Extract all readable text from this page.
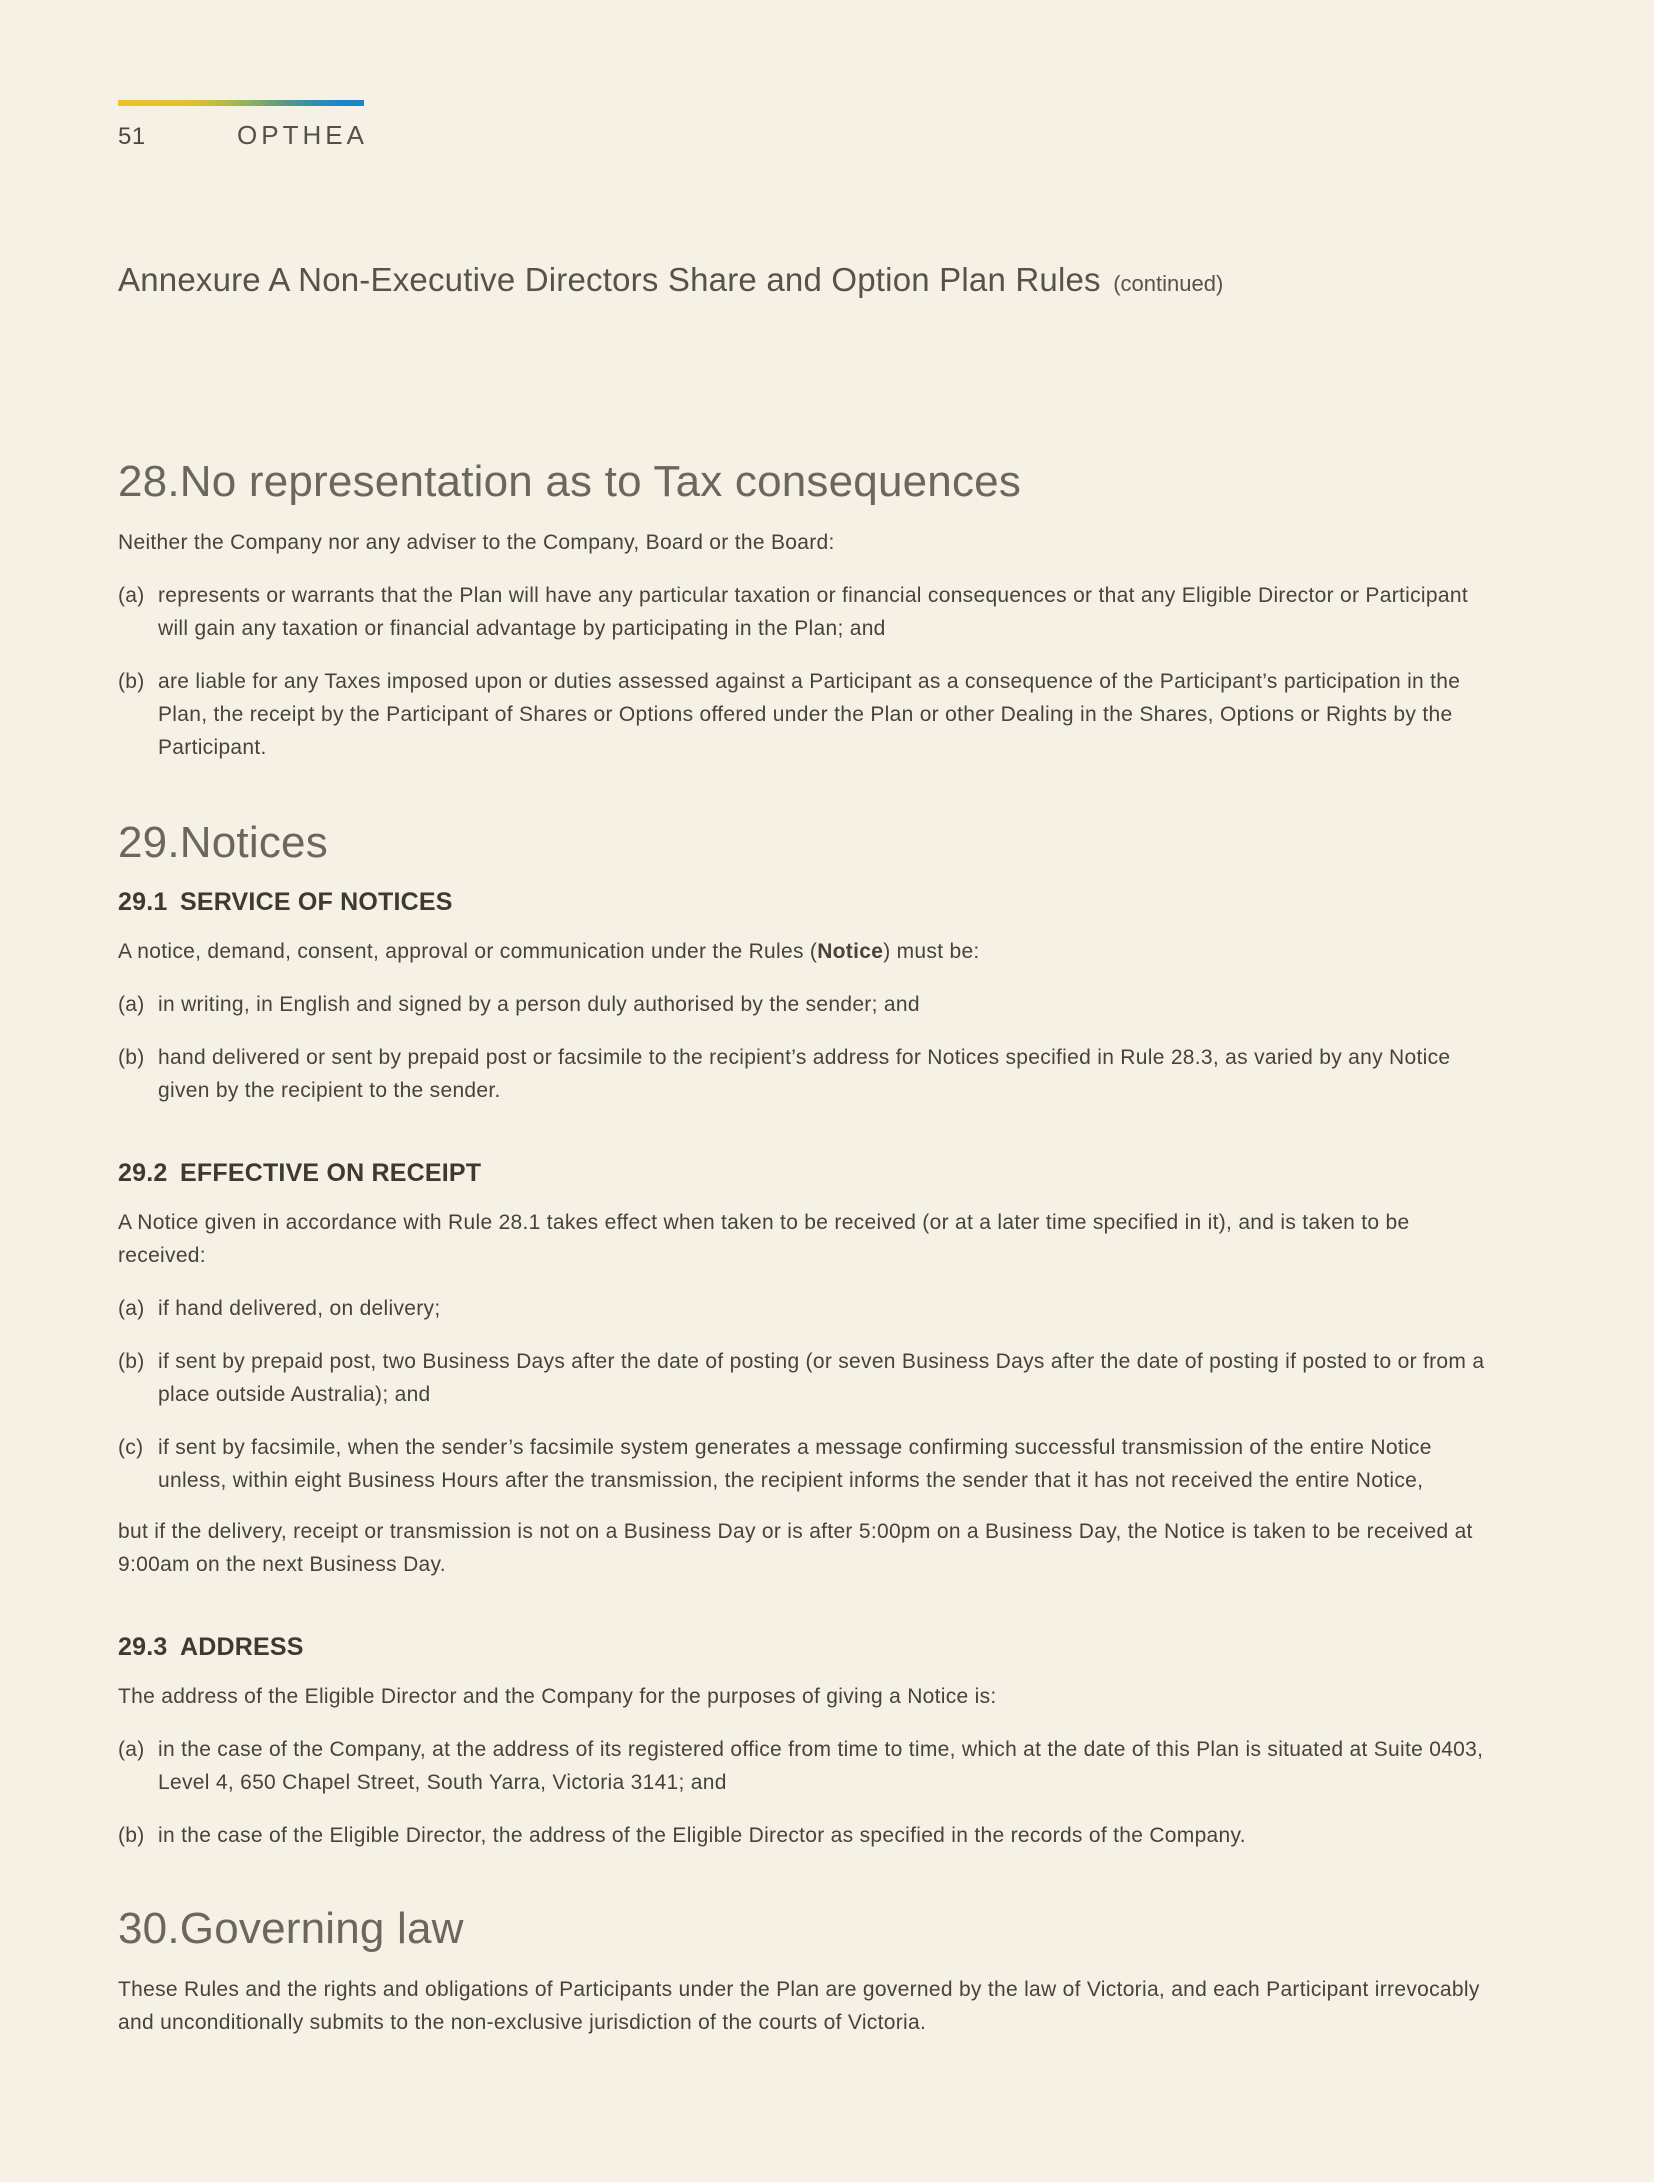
51	OPTHEA
Annexure A Non-Executive Directors Share and Option Plan Rules (continued)
28.No representation as to Tax consequences

Neither the Company nor any adviser to the Company, Board or the Board:

(a) represents or warrants that the Plan will have any particular taxation or financial consequences or that any Eligible Director or Participant will gain any taxation or financial advantage by participating in the Plan; and
(b) are liable for any Taxes imposed upon or duties assessed against a Participant as a consequence of the Participant’s participation in the Plan, the receipt by the Participant of Shares or Options offered under the Plan or other Dealing in the Shares, Options or Rights by the Participant.
29.Notices
29.1 SERVICE OF NOTICES

A notice, demand, consent, approval or communication under the Rules (Notice) must be:

(a) in writing, in English and signed by a person duly authorised by the sender; and
(b) hand delivered or sent by prepaid post or facsimile to the recipient’s address for Notices specified in Rule 28.3, as varied by any Notice given by the recipient to the sender.
29.2 EFFECTIVE ON RECEIPT

A Notice given in accordance with Rule 28.1 takes effect when taken to be received (or at a later time specified in it), and is taken to be received:

(a) if hand delivered, on delivery;
(b) if sent by prepaid post, two Business Days after the date of posting (or seven Business Days after the date of posting if posted to or from a place outside Australia); and
(c) if sent by facsimile, when the sender’s facsimile system generates a message confirming successful transmission of the entire Notice unless, within eight Business Hours after the transmission, the recipient informs the sender that it has not received the entire Notice,

but if the delivery, receipt or transmission is not on a Business Day or is after 5:00pm on a Business Day, the Notice is taken to be received at 9:00am on the next Business Day.

29.3 ADDRESS

The address of the Eligible Director and the Company for the purposes of giving a Notice is:

(a) in the case of the Company, at the address of its registered office from time to time, which at the date of this Plan is situated at Suite 0403, Level 4, 650 Chapel Street, South Yarra, Victoria 3141; and
(b) in the case of the Eligible Director, the address of the Eligible Director as specified in the records of the Company.
30.Governing law

These Rules and the rights and obligations of Participants under the Plan are governed by the law of Victoria, and each Participant irrevocably and unconditionally submits to the non-exclusive jurisdiction of the courts of Victoria.
